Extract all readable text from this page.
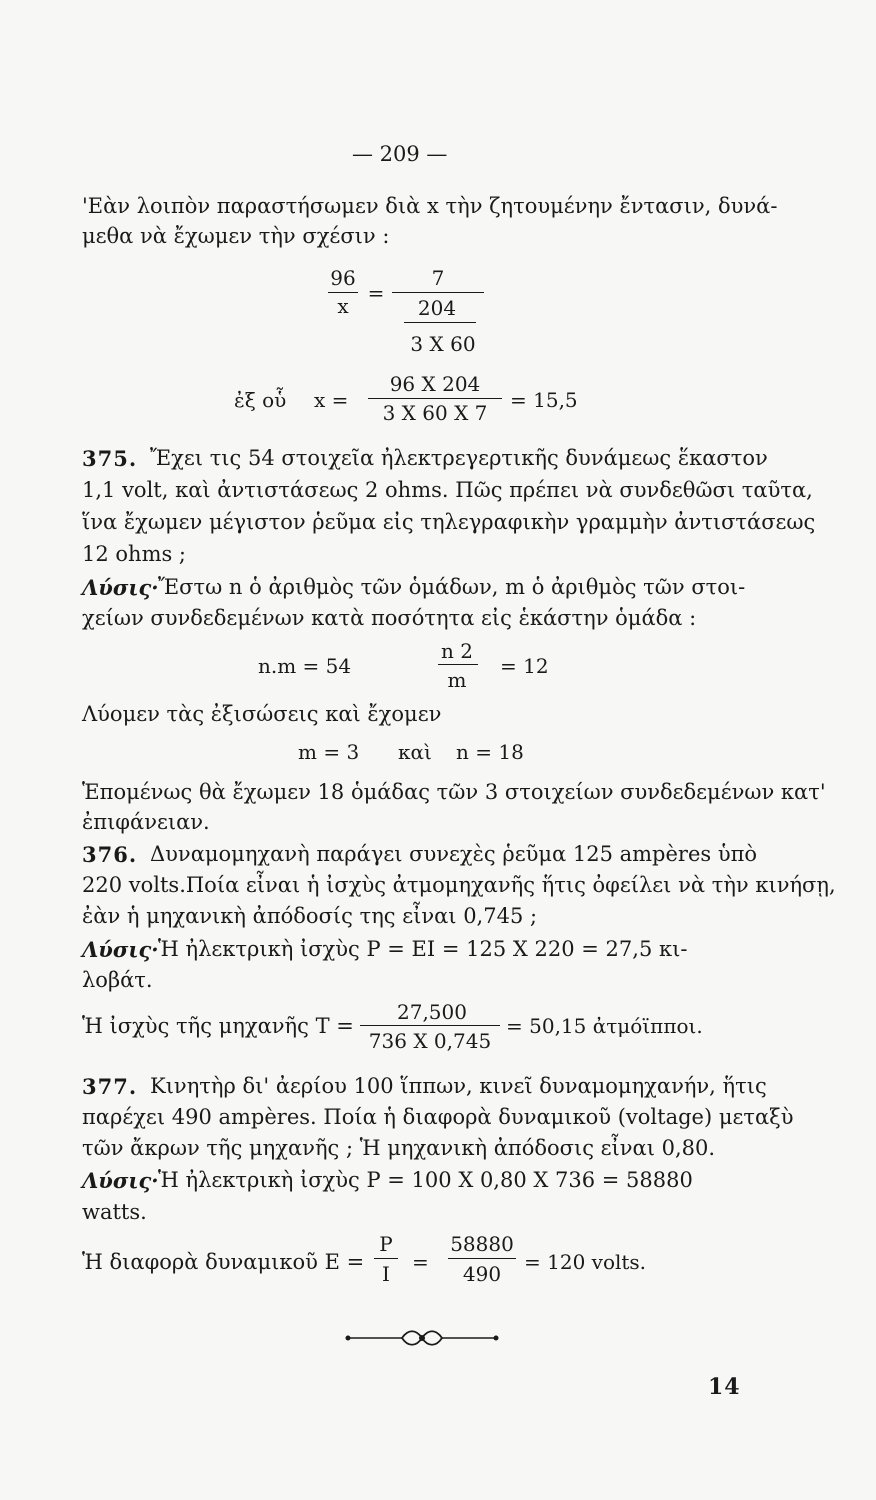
— 209 —
'Εὰν λοιπὸν παραστήσωμεν διὰ x τὴν ζητουμένην ἔντασιν, δυνά-
μεθα νὰ ἔχωμεν τὴν σχέσιν :
96
x
=
7
204
3 X 60
ἐξ οὗ x =
96 X 204
3 X 60 X 7
= 15,5
375. Ἔχει τις 54 στοιχεῖα ἠλεκτρεγερτικῆς δυνάμεως ἕκαστον
1,1 volt, καὶ ἀντιστάσεως 2 ohms. Πῶς πρέπει νὰ συνδεθῶσι ταῦτα,
ἵνα ἔχωμεν μέγιστον ῥεῦμα εἰς τηλεγραφικὴν γραμμὴν ἀντιστάσεως
12 ohms ;
Λύσις· Ἔστω n ὁ ἀριθμὸς τῶν ὁμάδων, m ὁ ἀριθμὸς τῶν στοι-
χείων συνδεδεμένων κατὰ ποσότητα εἰς ἑκάστην ὁμάδα :
n.m = 54
n 2
m
= 12
Λύομεν τὰς ἐξισώσεις καὶ ἔχομεν
m = 3 καὶ n = 18
Ἑπομένως θὰ ἔχωμεν 18 ὁμάδας τῶν 3 στοιχείων συνδεδεμένων κατ'
ἐπιφάνειαν.
376. Δυναμομηχανὴ παράγει συνεχὲς ῥεῦμα 125 ampères ὑπὸ
220 volts.Ποία εἶναι ἡ ἰσχὺς ἀτμομηχανῆς ἥτις ὀφείλει νὰ τὴν κινήσῃ,
ἐὰν ἡ μηχανικὴ ἀπόδοσίς της εἶναι 0,745 ;
Λύσις· Ἡ ἠλεκτρικὴ ἰσχὺς P = EI = 125 X 220 = 27,5 κι-
λοβάτ.
Ἡ ἰσχὺς τῆς μηχανῆς T =
27,500
736 X 0,745
= 50,15 ἀτμόϊπποι.
377. Κινητὴρ δι' ἀερίου 100 ἵππων, κινεῖ δυναμομηχανήν, ἥτις
παρέχει 490 ampères. Ποία ἡ διαφορὰ δυναμικοῦ (voltage) μεταξὺ
τῶν ἄκρων τῆς μηχανῆς ; Ἡ μηχανικὴ ἀπόδοσις εἶναι 0,80.
Λύσις· Ἡ ἠλεκτρικὴ ἰσχὺς P = 100 X 0,80 X 736 = 58880
watts.
Ἡ διαφορὰ δυναμικοῦ E =
P
I	=
58880
490	= 120 volts.
14
